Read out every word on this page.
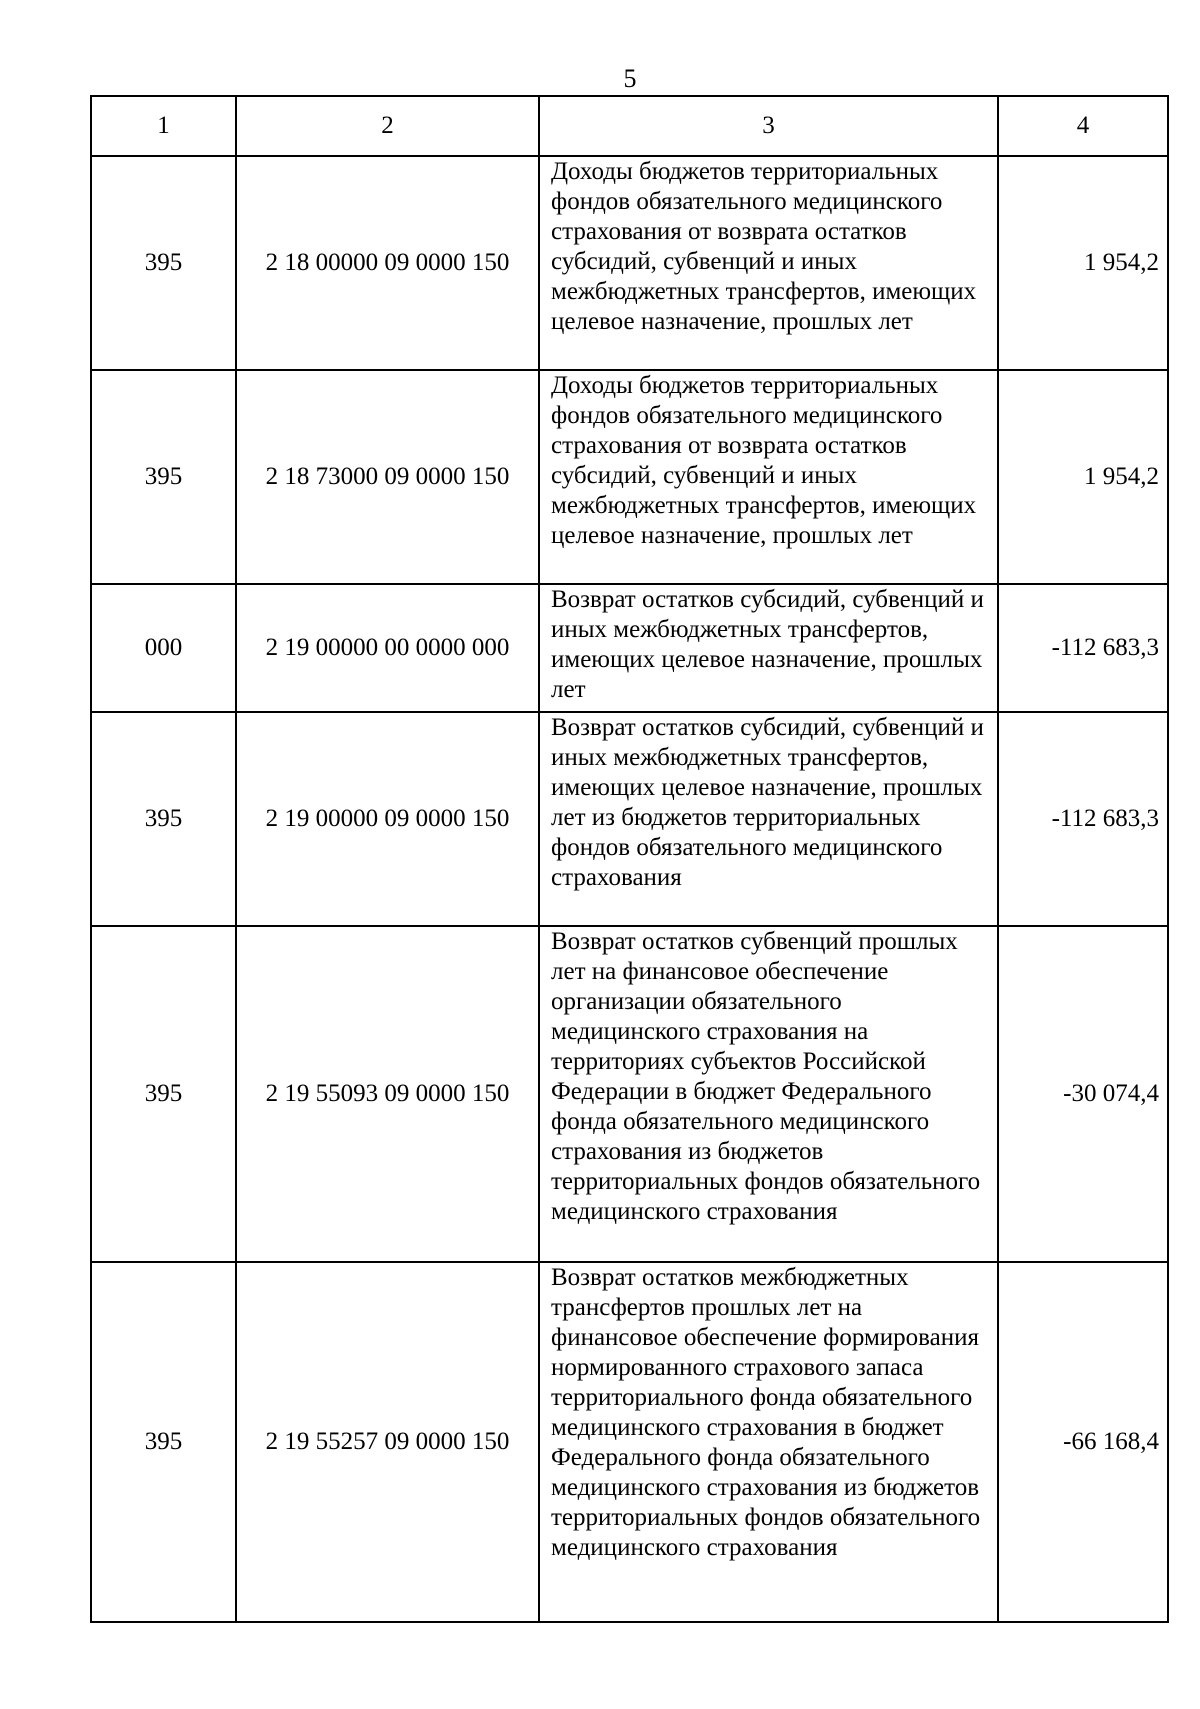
5
1	2	3	4
395	2 18 00000 09 0000 150	Доходы бюджетов территориальных фондов обязательного медицинского страхования от возврата остатков субсидий, субвенций и иных межбюджетных трансфертов, имеющих целевое назначение, прошлых лет	1 954,2
395	2 18 73000 09 0000 150	Доходы бюджетов территориальных фондов обязательного медицинского страхования от возврата остатков субсидий, субвенций и иных межбюджетных трансфертов, имеющих целевое назначение, прошлых лет	1 954,2
000	2 19 00000 00 0000 000	Возврат остатков субсидий, субвенций и иных межбюджетных трансфертов, имеющих целевое назначение, прошлых лет	-112 683,3
395	2 19 00000 09 0000 150	Возврат остатков субсидий, субвенций и иных межбюджетных трансфертов, имеющих целевое назначение, прошлых лет из бюджетов территориальных фондов обязательного медицинского страхования	-112 683,3
395	2 19 55093 09 0000 150	Возврат остатков субвенций прошлых лет на финансовое обеспечение организации обязательного медицинского страхования на территориях субъектов Российской Федерации в бюджет Федерального фонда обязательного медицинского страхования из бюджетов территориальных фондов обязательного медицинского страхования	-30 074,4
395	2 19 55257 09 0000 150	Возврат остатков межбюджетных трансфертов прошлых лет на финансовое обеспечение формирования нормированного страхового запаса территориального фонда обязательного медицинского страхования в бюджет Федерального фонда обязательного медицинского страхования из бюджетов территориальных фондов обязательного медицинского страхования	-66 168,4
